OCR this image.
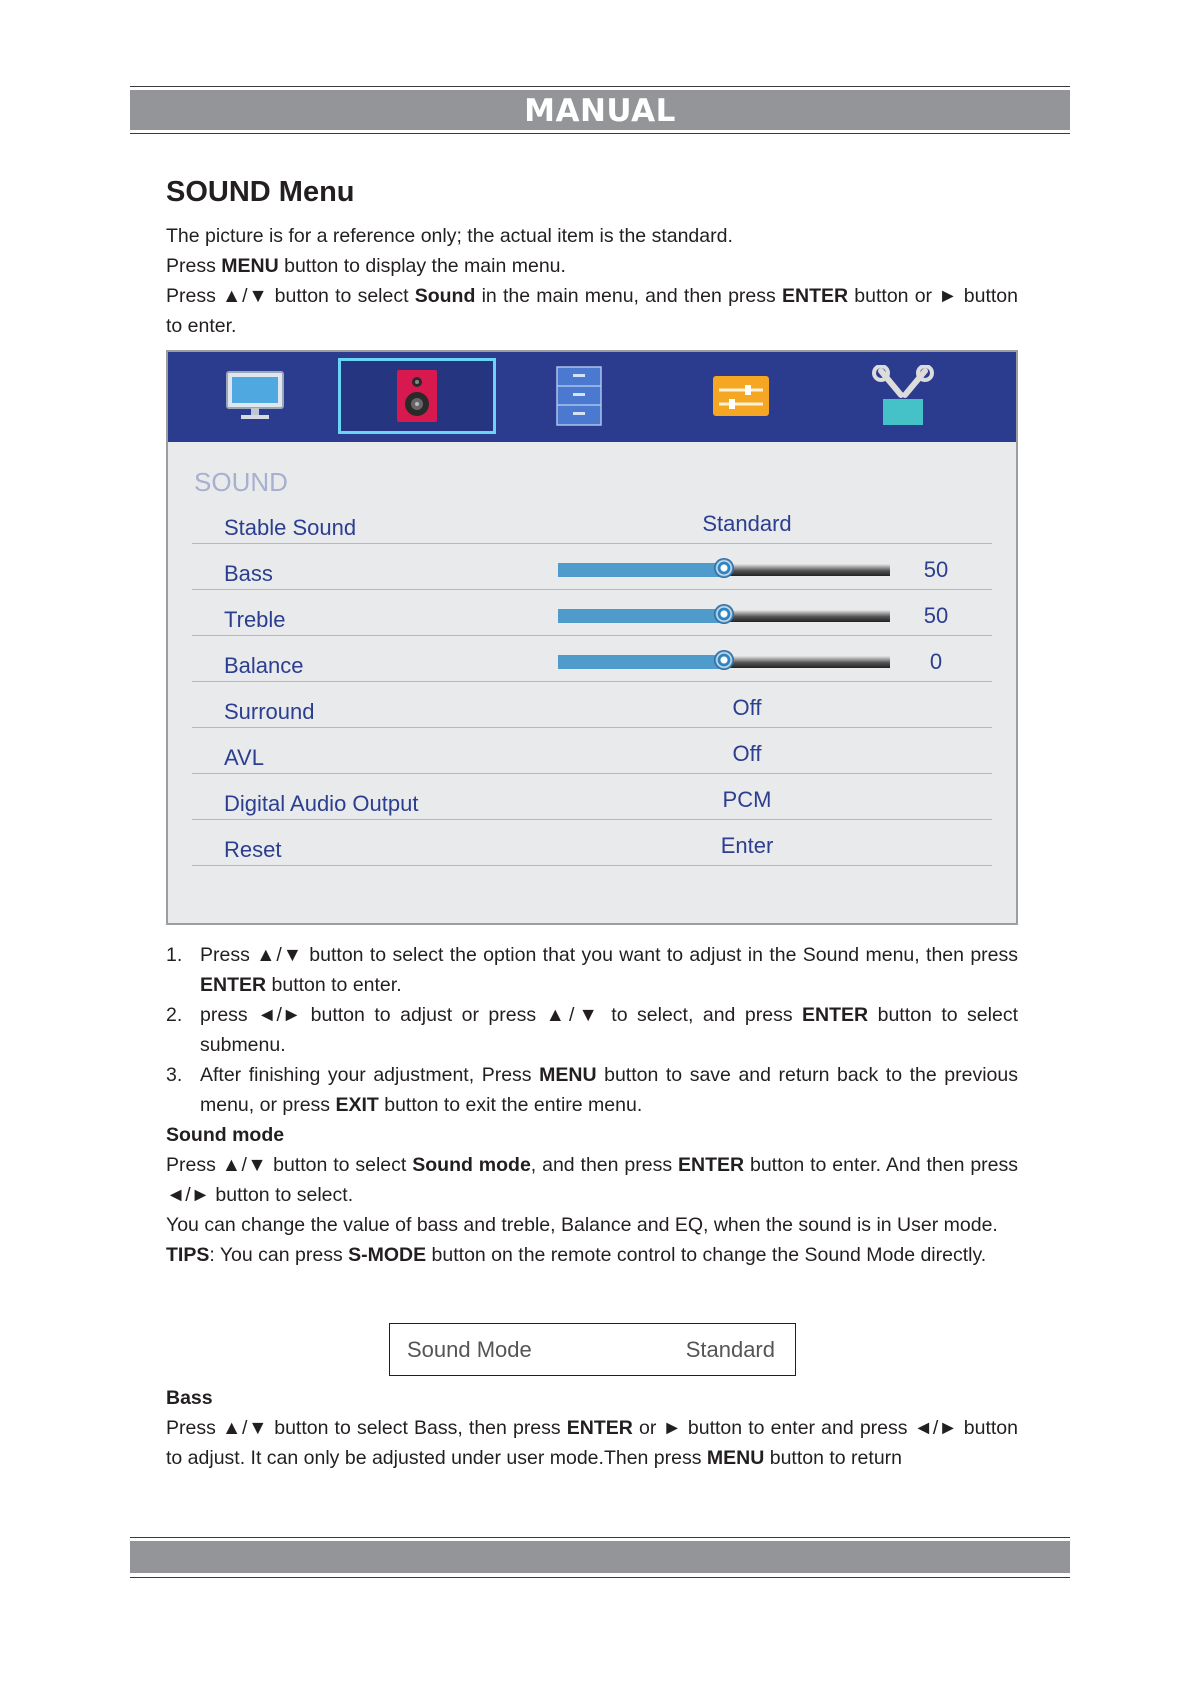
MANUAL
SOUND Menu

The picture is for a reference only; the actual item is the standard.

Press MENU button to display the main menu.

Press ▲/▼ button to select Sound in the main menu, and then press ENTER button or ► button to enter.

SOUND
Stable Sound	Standard
Bass	50
Treble	50
Balance	0
Surround	Off
AVL	Off
Digital Audio Output	PCM
Reset	Enter
1. Press ▲/▼ button to select the option that you want to adjust in the Sound menu, then press ENTER button to enter.
2. press ◄/► button to adjust or press ▲/▼ to select, and press ENTER button to select submenu.
3. After finishing your adjustment, Press MENU button to save and return back to the previous menu, or press EXIT button to exit the entire menu.

Sound mode

Press ▲/▼ button to select Sound mode, and then press ENTER button to enter. And then press ◄/► button to select.

You can change the value of bass and treble, Balance and EQ, when the sound is in User mode.

TIPS: You can press S-MODE button on the remote control to change the Sound Mode directly.

Sound Mode	Standard

Bass

Press ▲/▼ button to select Bass, then press ENTER or ► button to enter and press ◄/► button to adjust. It can only be adjusted under user mode.Then press MENU button to return
